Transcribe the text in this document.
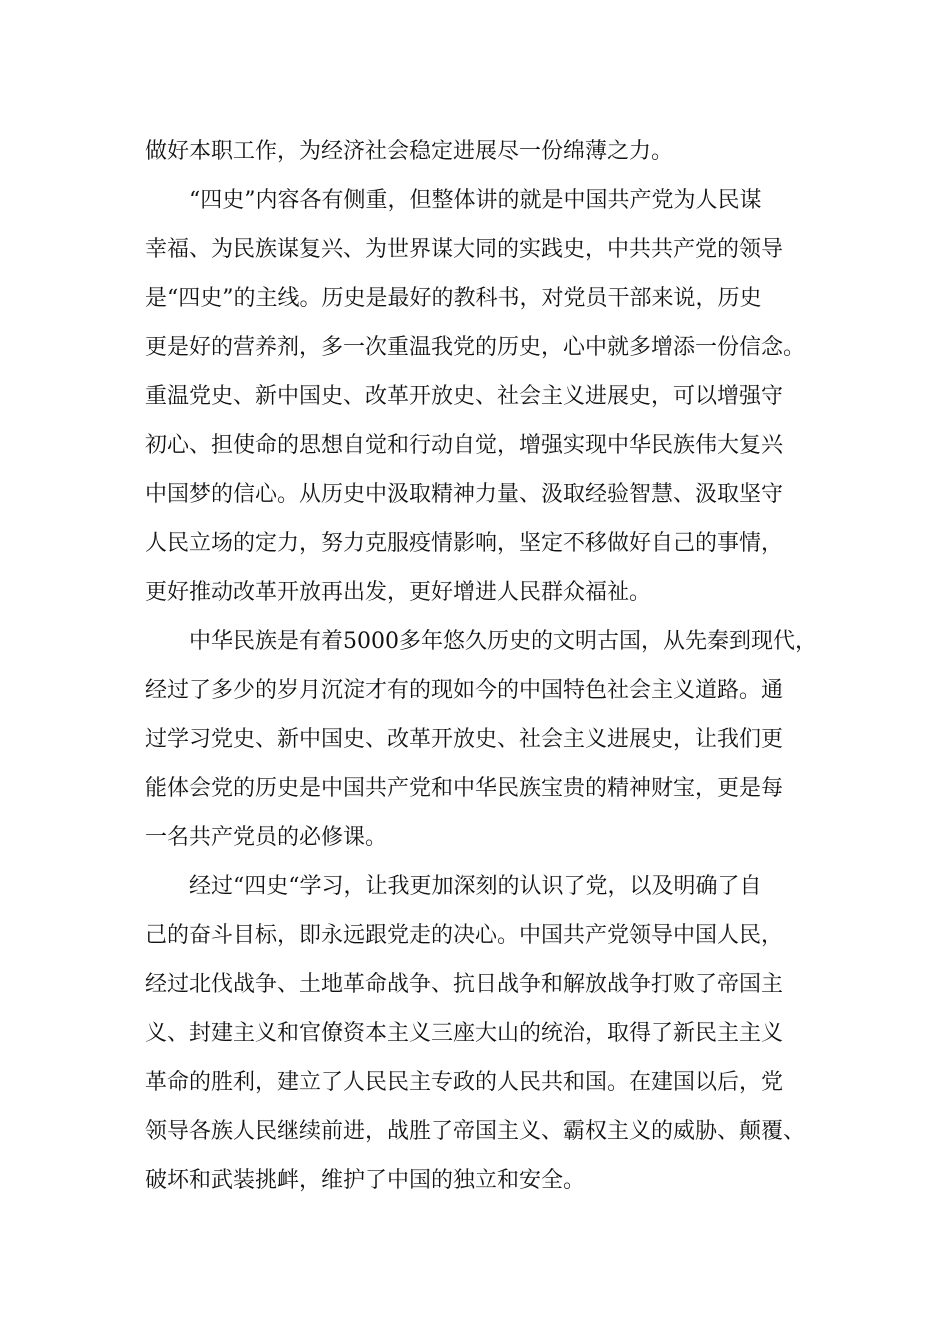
做好本职工作，为经济社会稳定进展尽一份绵薄之力。

“四史”内容各有侧重，但整体讲的就是中国共产党为人民谋

幸福、为民族谋复兴、为世界谋大同的实践史，中共共产党的领导

是“四史”的主线。历史是最好的教科书，对党员干部来说，历史

更是好的营养剂，多一次重温我党的历史，心中就多增添一份信念。

重温党史、新中国史、改革开放史、社会主义进展史，可以增强守

初心、担使命的思想自觉和行动自觉，增强实现中华民族伟大复兴

中国梦的信心。从历史中汲取精神力量、汲取经验智慧、汲取坚守

人民立场的定力，努力克服疫情影响，坚定不移做好自己的事情，

更好推动改革开放再出发，更好增进人民群众福祉。

中华民族是有着5000多年悠久历史的文明古国，从先秦到现代，

经过了多少的岁月沉淀才有的现如今的中国特色社会主义道路。通

过学习党史、新中国史、改革开放史、社会主义进展史，让我们更

能体会党的历史是中国共产党和中华民族宝贵的精神财宝，更是每

一名共产党员的必修课。

经过“四史“学习，让我更加深刻的认识了党，以及明确了自

己的奋斗目标，即永远跟党走的决心。中国共产党领导中国人民，

经过北伐战争、土地革命战争、抗日战争和解放战争打败了帝国主

义、封建主义和官僚资本主义三座大山的统治，取得了新民主主义

革命的胜利，建立了人民民主专政的人民共和国。在建国以后，党

领导各族人民继续前进，战胜了帝国主义、霸权主义的威胁、颠覆、

破坏和武装挑衅，维护了中国的独立和安全。
